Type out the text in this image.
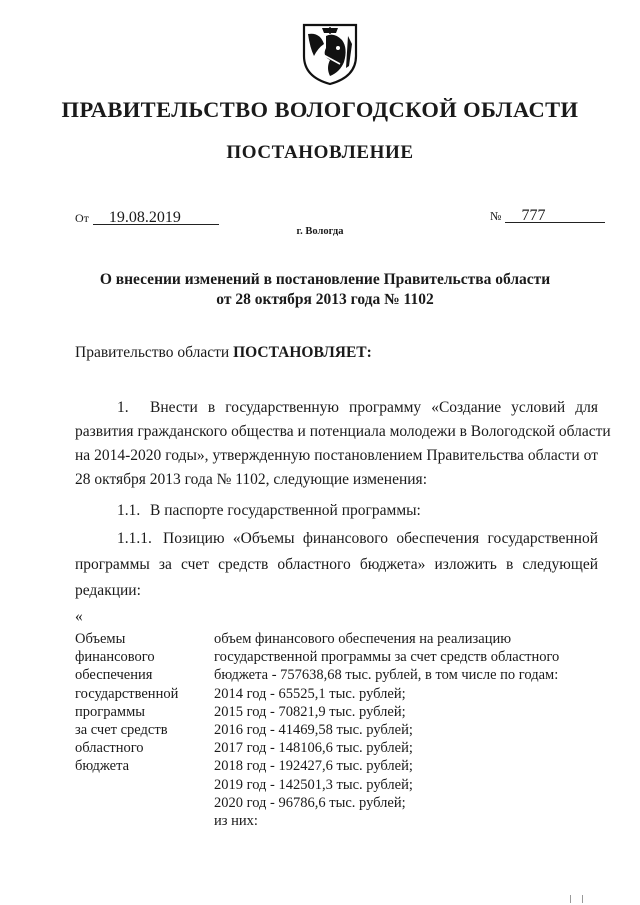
ПРАВИТЕЛЬСТВО ВОЛОГОДСКОЙ ОБЛАСТИ
ПОСТАНОВЛЕНИЕ
От 19.08.2019	№ 777
г. Вологда
О внесении изменений в постановление Правительства области
от 28 октября 2013 года № 1102
Правительство области ПОСТАНОВЛЯЕТ:
1. Внести в государственную программу «Создание условий для
развития гражданского общества и потенциала молодежи в Вологодской области
на 2014-2020 годы», утвержденную постановлением Правительства области от
28 октября 2013 года № 1102, следующие изменения:
1.1. В паспорте государственной программы:
1.1.1. Позицию «Объемы финансового обеспечения государственной
программы за счет средств областного бюджета» изложить в следующей
редакции:
«
Объемы
финансового
обеспечения
государственной
программы
за счет средств
областного
бюджета
объем финансового обеспечения на реализацию
государственной программы за счет средств областного
бюджета - 757638,68 тыс. рублей, в том числе по годам:
2014 год - 65525,1 тыс. рублей;
2015 год - 70821,9 тыс. рублей;
2016 год - 41469,58 тыс. рублей;
2017 год - 148106,6 тыс. рублей;
2018 год - 192427,6 тыс. рублей;
2019 год - 142501,3 тыс. рублей;
2020 год - 96786,6 тыс. рублей;
из них:
